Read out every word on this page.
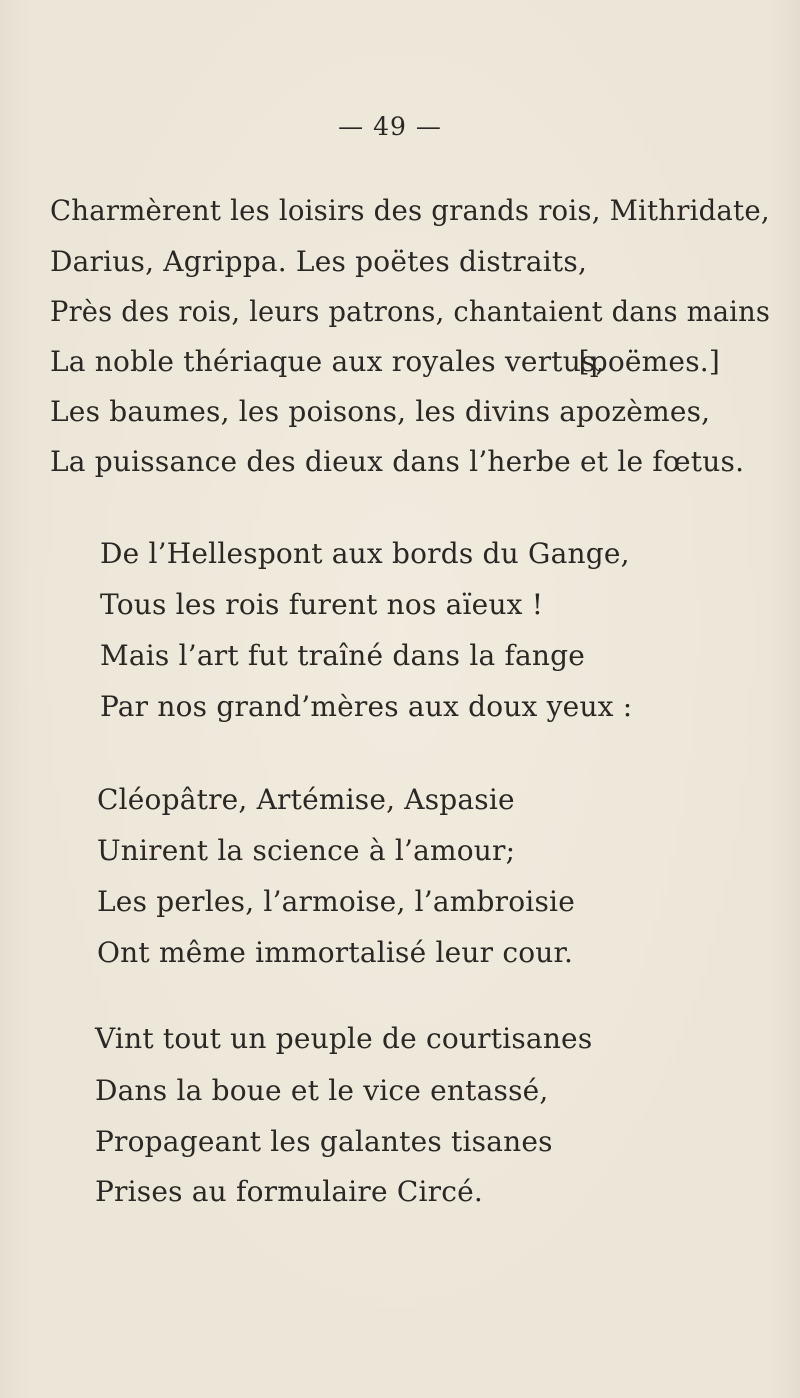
— 49 —
Charmèrent les loisirs des grands rois, Mithridate,
Darius, Agrippa. Les poëtes distraits,
Près des rois, leurs patrons, chantaient dans mains
La noble thériaque aux royales vertus,
[poëmes.]
Les baumes, les poisons, les divins apozèmes,
La puissance des dieux dans l’herbe et le fœtus.
De l’Hellespont aux bords du Gange,
Tous les rois furent nos aïeux !
Mais l’art fut traîné dans la fange
Par nos grand’mères aux doux yeux :
Cléopâtre, Artémise, Aspasie
Unirent la science à l’amour;
Les perles, l’armoise, l’ambroisie
Ont même immortalisé leur cour.
Vint tout un peuple de courtisanes
Dans la boue et le vice entassé,
Propageant les galantes tisanes
Prises au formulaire Circé.
